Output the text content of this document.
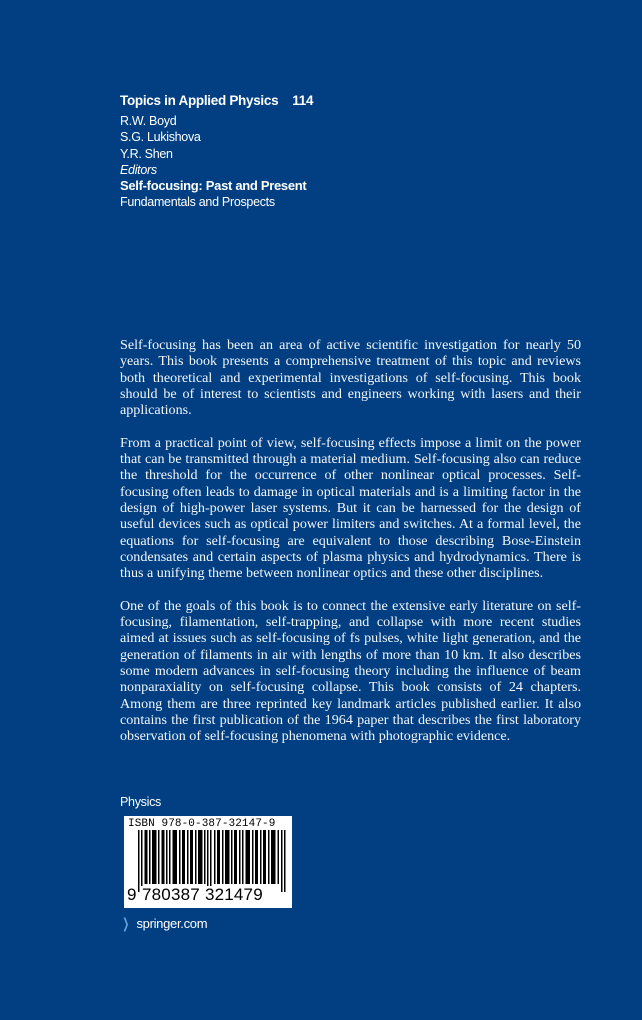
Topics in Applied Physics 114
R.W. Boyd
S.G. Lukishova
Y.R. Shen
Editors
Self-focusing: Past and Present
Fundamentals and Prospects

Self-focusing has been an area of active scientific investigation for nearly 50 years. This book presents a comprehensive treatment of this topic and reviews both theoretical and experimental investigations of self-focusing. This book should be of interest to scientists and engineers working with lasers and their applications.

From a practical point of view, self-focusing effects impose a limit on the power that can be transmitted through a material medium. Self-focusing also can reduce the threshold for the occurrence of other nonlinear optical processes. Self-focusing often leads to damage in optical materials and is a limiting factor in the design of high-power laser systems. But it can be harnessed for the design of useful devices such as optical power limiters and switches. At a formal level, the equations for self-focusing are equivalent to those describing Bose-Einstein condensates and certain aspects of plasma physics and hydrodynamics. There is thus a unifying theme between nonlinear optics and these other disciplines.

One of the goals of this book is to connect the extensive early literature on self-focusing, filamentation, self-trapping, and collapse with more recent studies aimed at issues such as self-focusing of fs pulses, white light generation, and the generation of filaments in air with lengths of more than 10 km. It also describes some modern advances in self-focusing theory including the influence of beam nonparaxiality on self-focusing collapse. This book consists of 24 chapters. Among them are three reprinted key landmark articles published earlier. It also contains the first publication of the 1964 paper that describes the first laboratory observation of self-focusing phenomena with photographic evidence.

Physics
ISBN 978-0-387-32147-9
9 780387 321479
❯ springer.com
